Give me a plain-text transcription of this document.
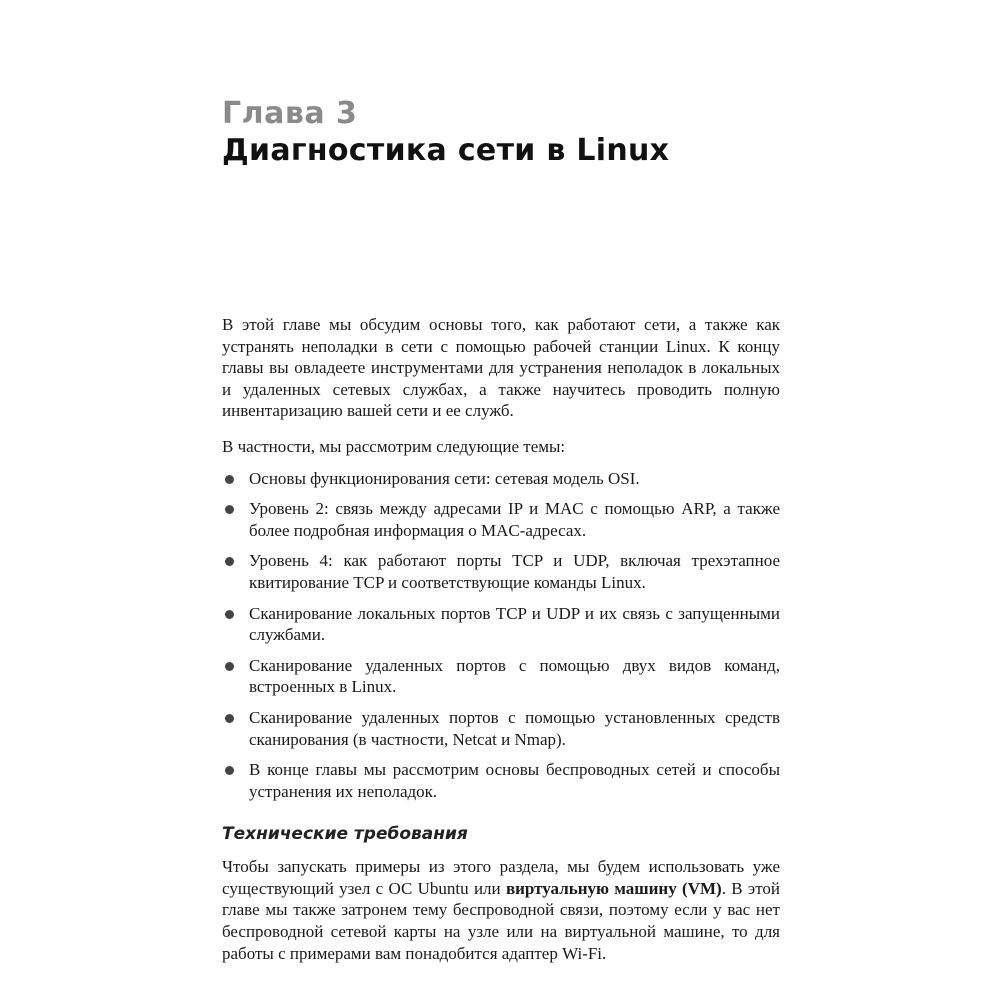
Глава 3
Диагностика сети в Linux

В этой главе мы обсудим основы того, как работают сети, а также как устранять неполадки в сети с помощью рабочей станции Linux. К концу главы вы овладеете инструментами для устранения неполадок в локальных и удаленных сетевых службах, а также научитесь проводить полную инвентаризацию вашей сети и ее служб.

В частности, мы рассмотрим следующие темы:

Основы функционирования сети: сетевая модель OSI.
Уровень 2: связь между адресами IP и MAC с помощью ARP, а также более подробная информация о MAC-адресах.
Уровень 4: как работают порты TCP и UDP, включая трехэтапное квитирование TCP и соответствующие команды Linux.
Сканирование локальных портов TCP и UDP и их связь с запущенными службами.
Сканирование удаленных портов с помощью двух видов команд, встроенных в Linux.
Сканирование удаленных портов с помощью установленных средств сканирования (в частности, Netcat и Nmap).
В конце главы мы рассмотрим основы беспроводных сетей и способы устранения их неполадок.
Технические требования

Чтобы запускать примеры из этого раздела, мы будем использовать уже существующий узел с ОС Ubuntu или виртуальную машину (VM). В этой главе мы также затронем тему беспроводной связи, поэтому если у вас нет беспроводной сетевой карты на узле или на виртуальной машине, то для работы с примерами вам понадобится адаптер Wi-Fi.
